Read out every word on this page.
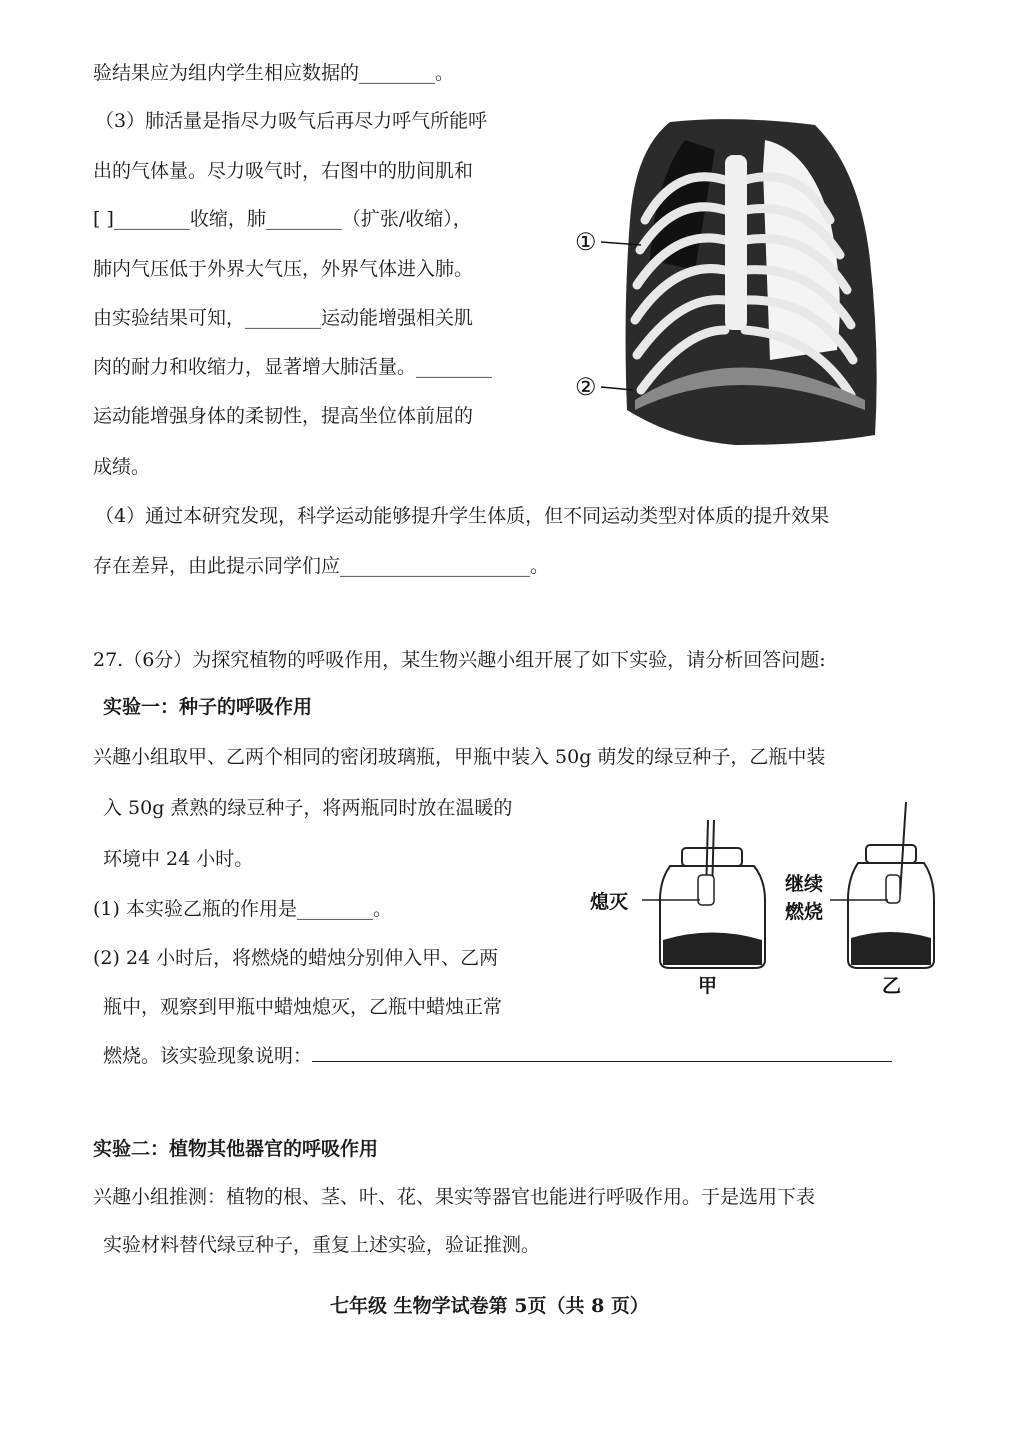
验结果应为组内学生相应数据的________。
（3）肺活量是指尽力吸气后再尽力呼气所能呼
出的气体量。尽力吸气时，右图中的肋间肌和
[ ]________收缩，肺________（扩张/收缩），
肺内气压低于外界大气压，外界气体进入肺。
由实验结果可知，________运动能增强相关肌
肉的耐力和收缩力，显著增大肺活量。________
运动能增强身体的柔韧性，提高坐位体前屈的
成绩。
（4）通过本研究发现，科学运动能够提升学生体质，但不同运动类型对体质的提升效果
存在差异，由此提示同学们应____________________。
27.（6分）为探究植物的呼吸作用，某生物兴趣小组开展了如下实验，请分析回答问题:
实验一：种子的呼吸作用
兴趣小组取甲、乙两个相同的密闭玻璃瓶，甲瓶中装入 50g 萌发的绿豆种子，乙瓶中装
入 50g 煮熟的绿豆种子，将两瓶同时放在温暖的
环境中 24 小时。
(1) 本实验乙瓶的作用是________。
(2) 24 小时后，将燃烧的蜡烛分别伸入甲、乙两
瓶中，观察到甲瓶中蜡烛熄灭，乙瓶中蜡烛正常
燃烧。该实验现象说明：
实验二：植物其他器官的呼吸作用
兴趣小组推测：植物的根、茎、叶、花、果实等器官也能进行呼吸作用。于是选用下表
实验材料替代绿豆种子，重复上述实验，验证推测。
七年级 生物学试卷第 5页（共 8 页）
①
②
熄灭
甲
继续
燃烧
乙
